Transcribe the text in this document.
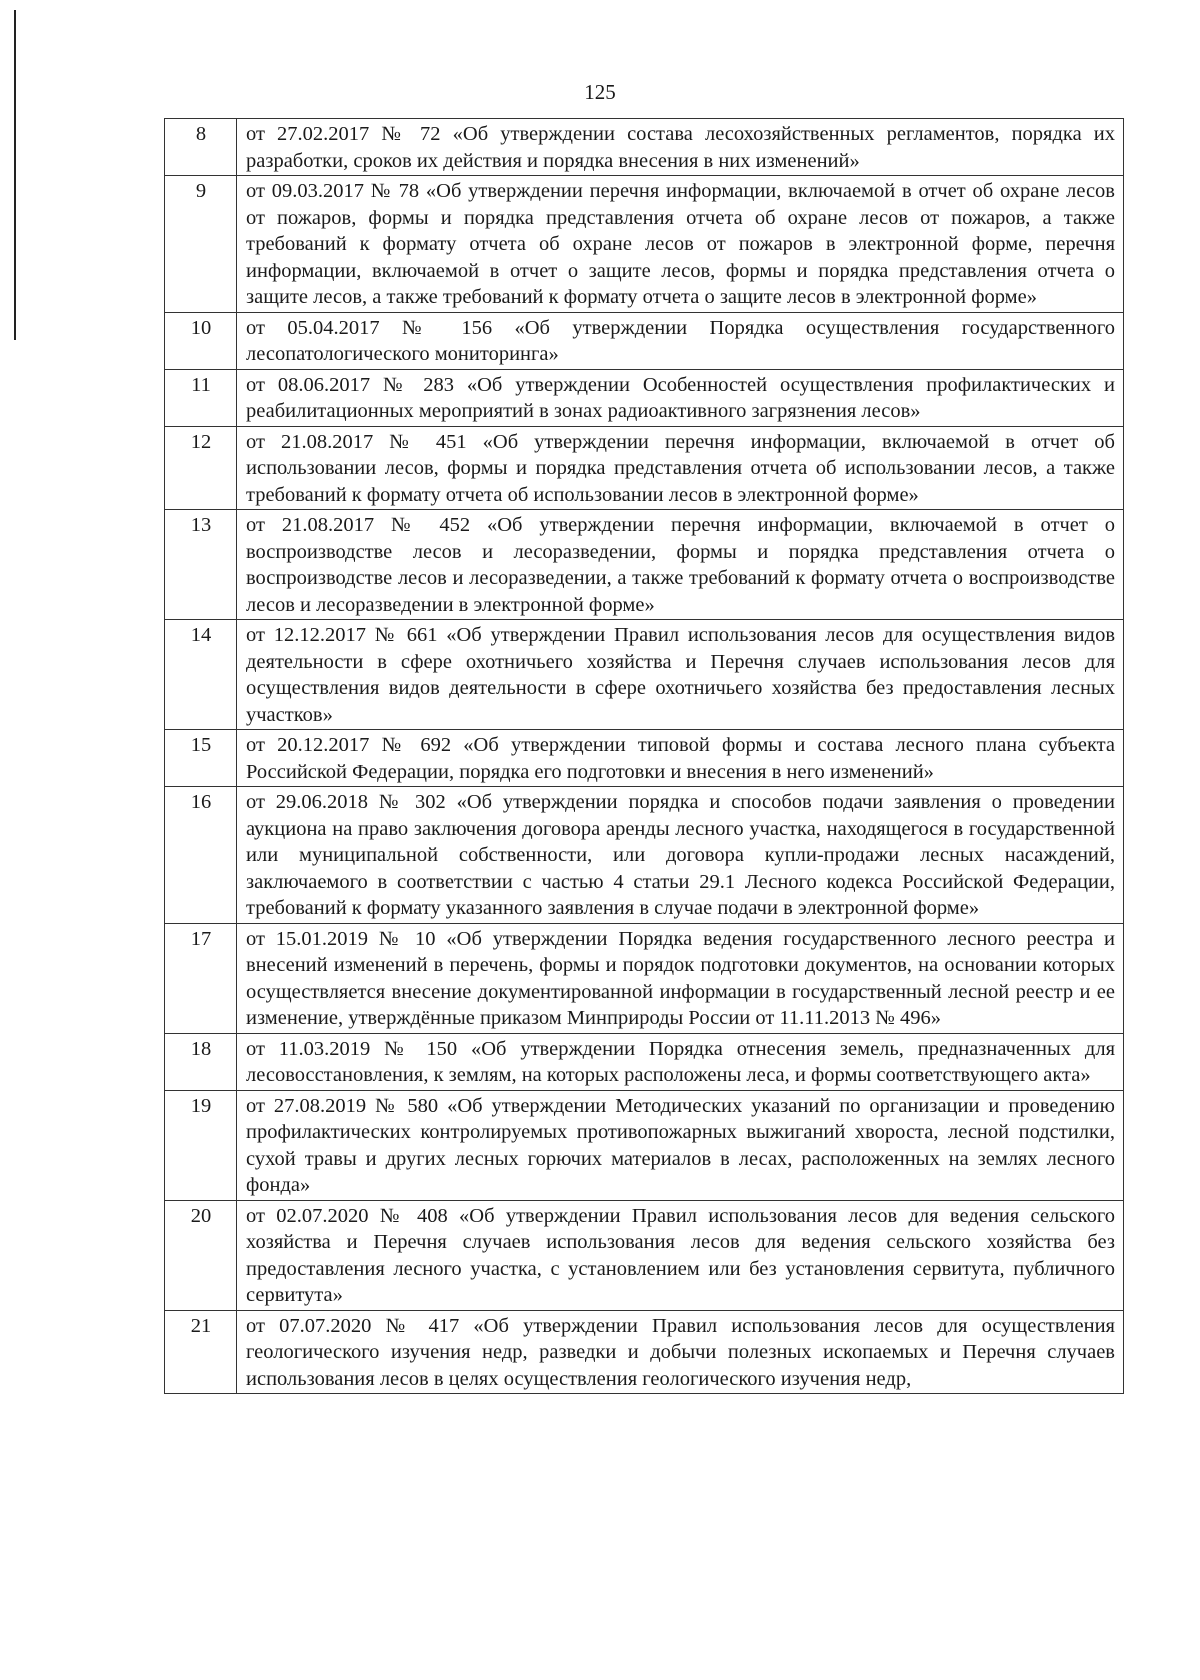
125
8	от 27.02.2017 № 72 «Об утверждении состава лесохозяйственных регламентов, порядка их разработки, сроков их действия и порядка внесения в них изменений»
9	от 09.03.2017 № 78 «Об утверждении перечня информации, включаемой в отчет об охране лесов от пожаров, формы и порядка представления отчета об охране лесов от пожаров, а также требований к формату отчета об охране лесов от пожаров в электронной форме, перечня информации, включаемой в отчет о защите лесов, формы и порядка представления отчета о защите лесов, а также требований к формату отчета о защите лесов в электронной форме»
10	от 05.04.2017 № 156 «Об утверждении Порядка осуществления государственного лесопатологического мониторинга»
11	от 08.06.2017 № 283 «Об утверждении Особенностей осуществления профилактических и реабилитационных мероприятий в зонах радиоактивного загрязнения лесов»
12	от 21.08.2017 № 451 «Об утверждении перечня информации, включаемой в отчет об использовании лесов, формы и порядка представления отчета об использовании лесов, а также требований к формату отчета об использовании лесов в электронной форме»
13	от 21.08.2017 № 452 «Об утверждении перечня информации, включаемой в отчет о воспроизводстве лесов и лесоразведении, формы и порядка представления отчета о воспроизводстве лесов и лесоразведении, а также требований к формату отчета о воспроизводстве лесов и лесоразведении в электронной форме»
14	от 12.12.2017 № 661 «Об утверждении Правил использования лесов для осуществления видов деятельности в сфере охотничьего хозяйства и Перечня случаев использования лесов для осуществления видов деятельности в сфере охотничьего хозяйства без предоставления лесных участков»
15	от 20.12.2017 № 692 «Об утверждении типовой формы и состава лесного плана субъекта Российской Федерации, порядка его подготовки и внесения в него изменений»
16	от 29.06.2018 № 302 «Об утверждении порядка и способов подачи заявления о проведении аукциона на право заключения договора аренды лесного участка, находящегося в государственной или муниципальной собственности, или договора купли-продажи лесных насаждений, заключаемого в соответствии с частью 4 статьи 29.1 Лесного кодекса Российской Федерации, требований к формату указанного заявления в случае подачи в электронной форме»
17	от 15.01.2019 № 10 «Об утверждении Порядка ведения государственного лесного реестра и внесений изменений в перечень, формы и порядок подготовки документов, на основании которых осуществляется внесение документированной информации в государственный лесной реестр и ее изменение, утверждённые приказом Минприроды России от 11.11.2013 № 496»
18	от 11.03.2019 № 150 «Об утверждении Порядка отнесения земель, предназначенных для лесовосстановления, к землям, на которых расположены леса, и формы соответствующего акта»
19	от 27.08.2019 № 580 «Об утверждении Методических указаний по организации и проведению профилактических контролируемых противопожарных выжиганий хвороста, лесной подстилки, сухой травы и других лесных горючих материалов в лесах, расположенных на землях лесного фонда»
20	от 02.07.2020 № 408 «Об утверждении Правил использования лесов для ведения сельского хозяйства и Перечня случаев использования лесов для ведения сельского хозяйства без предоставления лесного участка, с установлением или без установления сервитута, публичного сервитута»
21	от 07.07.2020 № 417 «Об утверждении Правил использования лесов для осуществления геологического изучения недр, разведки и добычи полезных ископаемых и Перечня случаев использования лесов в целях осуществления геологического изучения недр,
